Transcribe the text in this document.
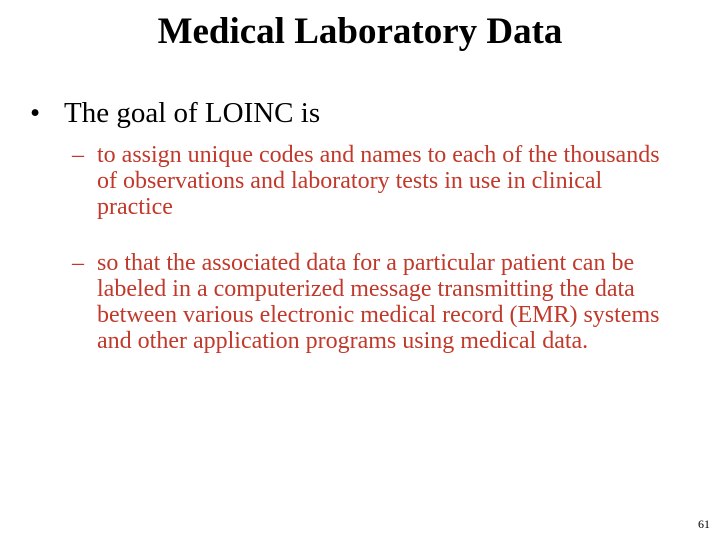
Medical Laboratory Data
• The goal of LOINC is
– to assign unique codes and names to each of the thousands of observations and laboratory tests in use in clinical practice
– so that the associated data for a particular patient can be labeled in a computerized message transmitting the data between various electronic medical record (EMR) systems and other application programs using medical data.
61
